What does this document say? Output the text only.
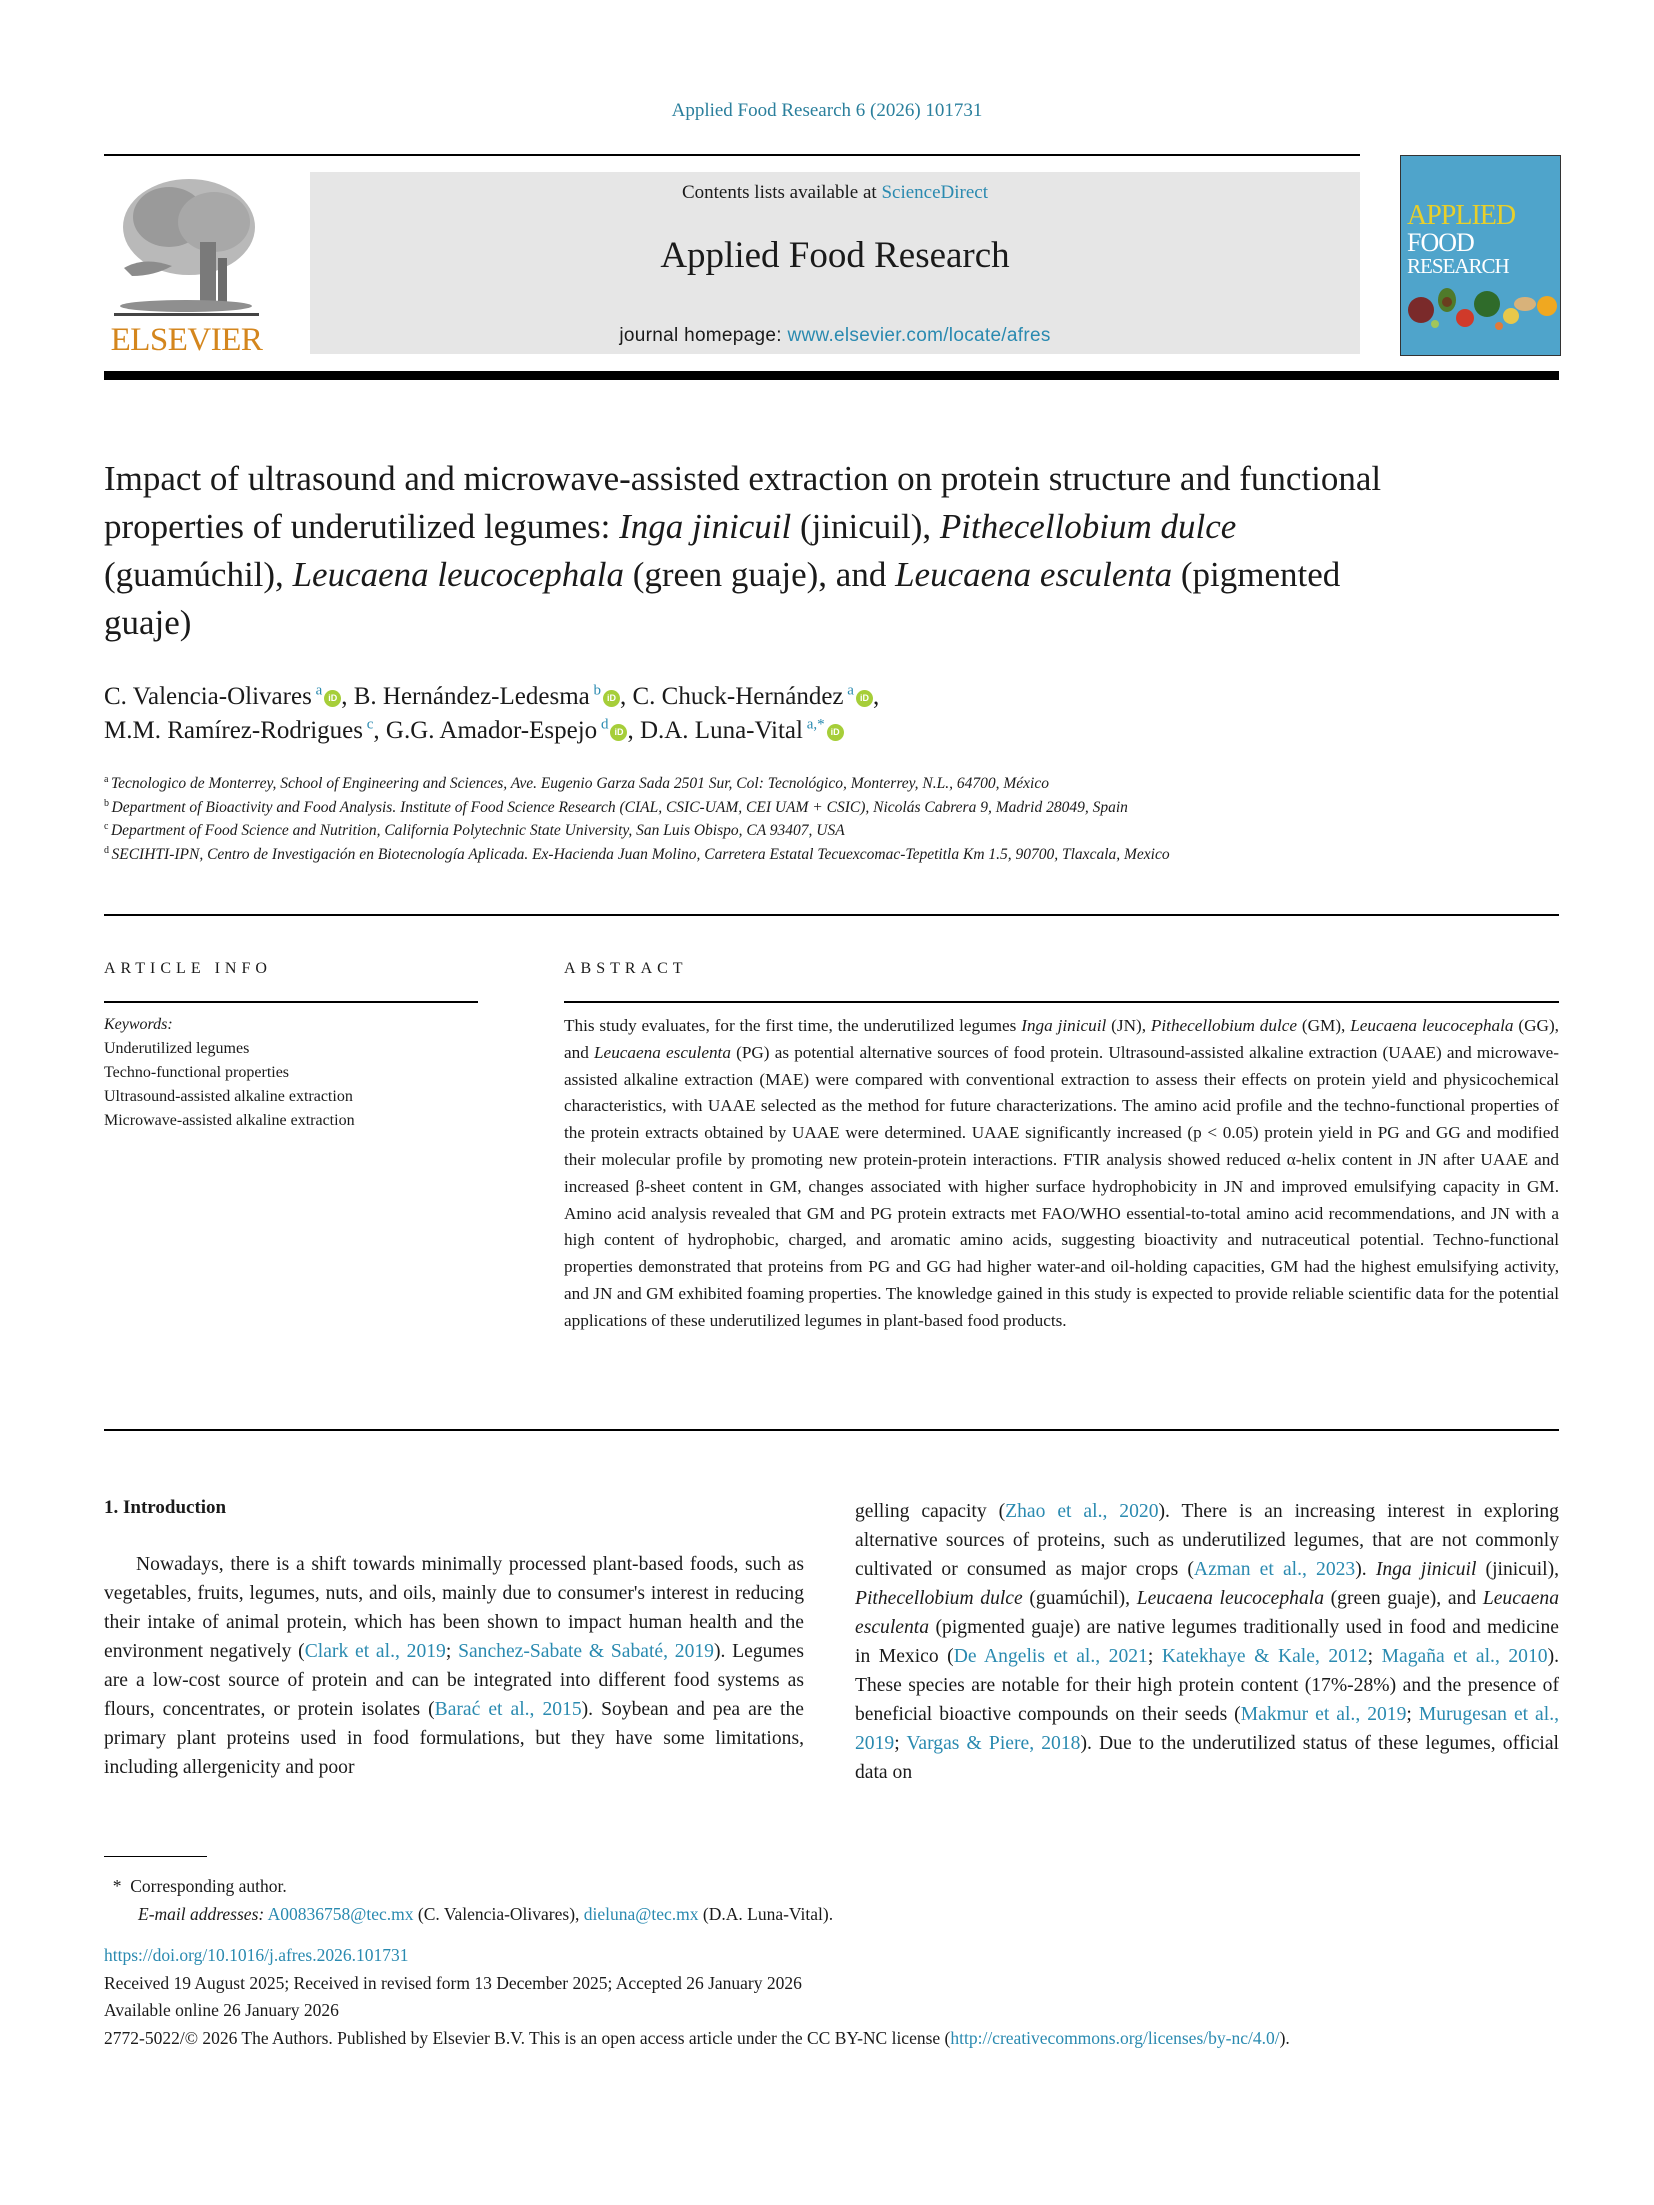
Applied Food Research 6 (2026) 101731
ELSEVIER
Contents lists available at ScienceDirect
Applied Food Research
journal homepage: www.elsevier.com/locate/afres
APPLIED
FOOD
RESEARCH
Impact of ultrasound and microwave-assisted extraction on protein structure and functional properties of underutilized legumes: Inga jinicuil (jinicuil), Pithecellobium dulce (guamúchil), Leucaena leucocephala (green guaje), and Leucaena esculenta (pigmented guaje)
C. Valencia-Olivares $^a$ iD , B. Hernández-Ledesma $^b$ iD , C. Chuck-Hernández $^a$ iD ,
M.M. Ramírez-Rodrigues $^c$, G.G. Amador-Espejo $^d$ iD , D.A. Luna-Vital $^{a,*}$ iD
$^a$ Tecnologico de Monterrey, School of Engineering and Sciences, Ave. Eugenio Garza Sada 2501 Sur, Col: Tecnológico, Monterrey, N.L., 64700, México
$^b$ Department of Bioactivity and Food Analysis. Institute of Food Science Research (CIAL, CSIC-UAM, CEI UAM + CSIC), Nicolás Cabrera 9, Madrid 28049, Spain
$^c$ Department of Food Science and Nutrition, California Polytechnic State University, San Luis Obispo, CA 93407, USA
$^d$ SECIHTI-IPN, Centro de Investigación en Biotecnología Aplicada. Ex-Hacienda Juan Molino, Carretera Estatal Tecuexcomac-Tepetitla Km 1.5, 90700, Tlaxcala, Mexico
ARTICLE INFO
Keywords:
Underutilized legumes
Techno-functional properties
Ultrasound-assisted alkaline extraction
Microwave-assisted alkaline extraction
ABSTRACT
This study evaluates, for the first time, the underutilized legumes Inga jinicuil (JN), Pithecellobium dulce (GM), Leucaena leucocephala (GG), and Leucaena esculenta (PG) as potential alternative sources of food protein. Ultrasound-assisted alkaline extraction (UAAE) and microwave-assisted alkaline extraction (MAE) were compared with conventional extraction to assess their effects on protein yield and physicochemical characteristics, with UAAE selected as the method for future characterizations. The amino acid profile and the techno-functional properties of the protein extracts obtained by UAAE were determined. UAAE significantly increased (p < 0.05) protein yield in PG and GG and modified their molecular profile by promoting new protein-protein interactions. FTIR analysis showed reduced α-helix content in JN after UAAE and increased β-sheet content in GM, changes associated with higher surface hydrophobicity in JN and improved emulsifying capacity in GM. Amino acid analysis revealed that GM and PG protein extracts met FAO/WHO essential-to-total amino acid recommendations, and JN with a high content of hydrophobic, charged, and aromatic amino acids, suggesting bioactivity and nutraceutical potential. Techno-functional properties demonstrated that proteins from PG and GG had higher water-and oil-holding capacities, GM had the highest emulsifying activity, and JN and GM exhibited foaming properties. The knowledge gained in this study is expected to provide reliable scientific data for the potential applications of these underutilized legumes in plant-based food products.
1. Introduction

Nowadays, there is a shift towards minimally processed plant-based foods, such as vegetables, fruits, legumes, nuts, and oils, mainly due to consumer's interest in reducing their intake of animal protein, which has been shown to impact human health and the environment negatively (Clark et al., 2019; Sanchez-Sabate & Sabaté, 2019). Legumes are a low-cost source of protein and can be integrated into different food systems as flours, concentrates, or protein isolates (Barać et al., 2015). Soybean and pea are the primary plant proteins used in food formulations, but they have some limitations, including allergenicity and poor

gelling capacity (Zhao et al., 2020). There is an increasing interest in exploring alternative sources of proteins, such as underutilized legumes, that are not commonly cultivated or consumed as major crops (Azman et al., 2023). Inga jinicuil (jinicuil), Pithecellobium dulce (guamúchil), Leucaena leucocephala (green guaje), and Leucaena esculenta (pigmented guaje) are native legumes traditionally used in food and medicine in Mexico (De Angelis et al., 2021; Katekhaye & Kale, 2012; Magaña et al., 2010). These species are notable for their high protein content (17%-28%) and the presence of beneficial bioactive compounds on their seeds (Makmur et al., 2019; Murugesan et al., 2019; Vargas & Piere, 2018). Due to the underutilized status of these legumes, official data on

* Corresponding author.
E-mail addresses: A00836758@tec.mx (C. Valencia-Olivares), dieluna@tec.mx (D.A. Luna-Vital).
https://doi.org/10.1016/j.afres.2026.101731
Received 19 August 2025; Received in revised form 13 December 2025; Accepted 26 January 2026
Available online 26 January 2026
2772-5022/© 2026 The Authors. Published by Elsevier B.V. This is an open access article under the CC BY-NC license (http://creativecommons.org/licenses/by-nc/4.0/).
